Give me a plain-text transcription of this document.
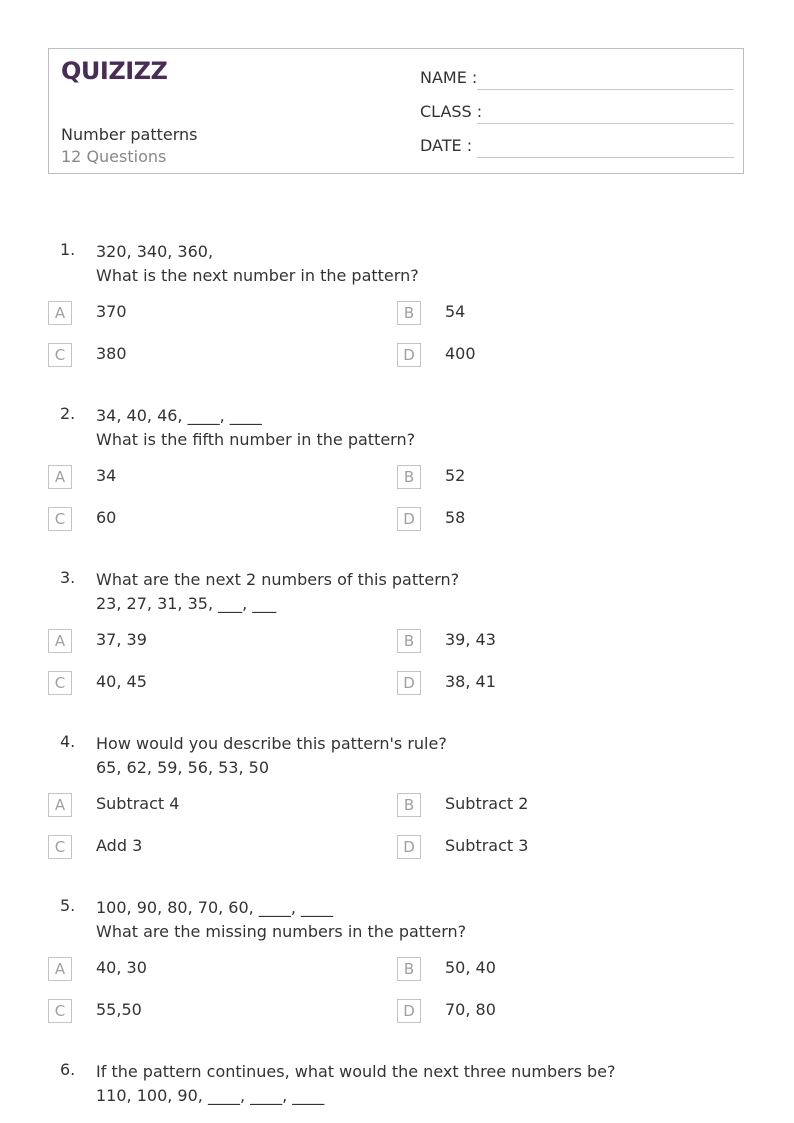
QUIZIZZ
Number patterns
12 Questions
NAME :
CLASS :
DATE :
1. 320, 340, 360,
What is the next number in the pattern?

A	370	B	54
C	380	D	400
2. 34, 40, 46, ____, ____
What is the fifth number in the pattern?

A	34	B	52
C	60	D	58
3. What are the next 2 numbers of this pattern?
23, 27, 31, 35, ___, ___

A	37, 39	B	39, 43
C	40, 45	D	38, 41
4. How would you describe this pattern's rule?
65, 62, 59, 56, 53, 50

A	Subtract 4	B	Subtract 2
C	Add 3	D	Subtract 3
5. 100, 90, 80, 70, 60, ____, ____
What are the missing numbers in the pattern?

A	40, 30	B	50, 40
C	55,50	D	70, 80
6. If the pattern continues, what would the next three numbers be?
110, 100, 90, ____, ____, ____
